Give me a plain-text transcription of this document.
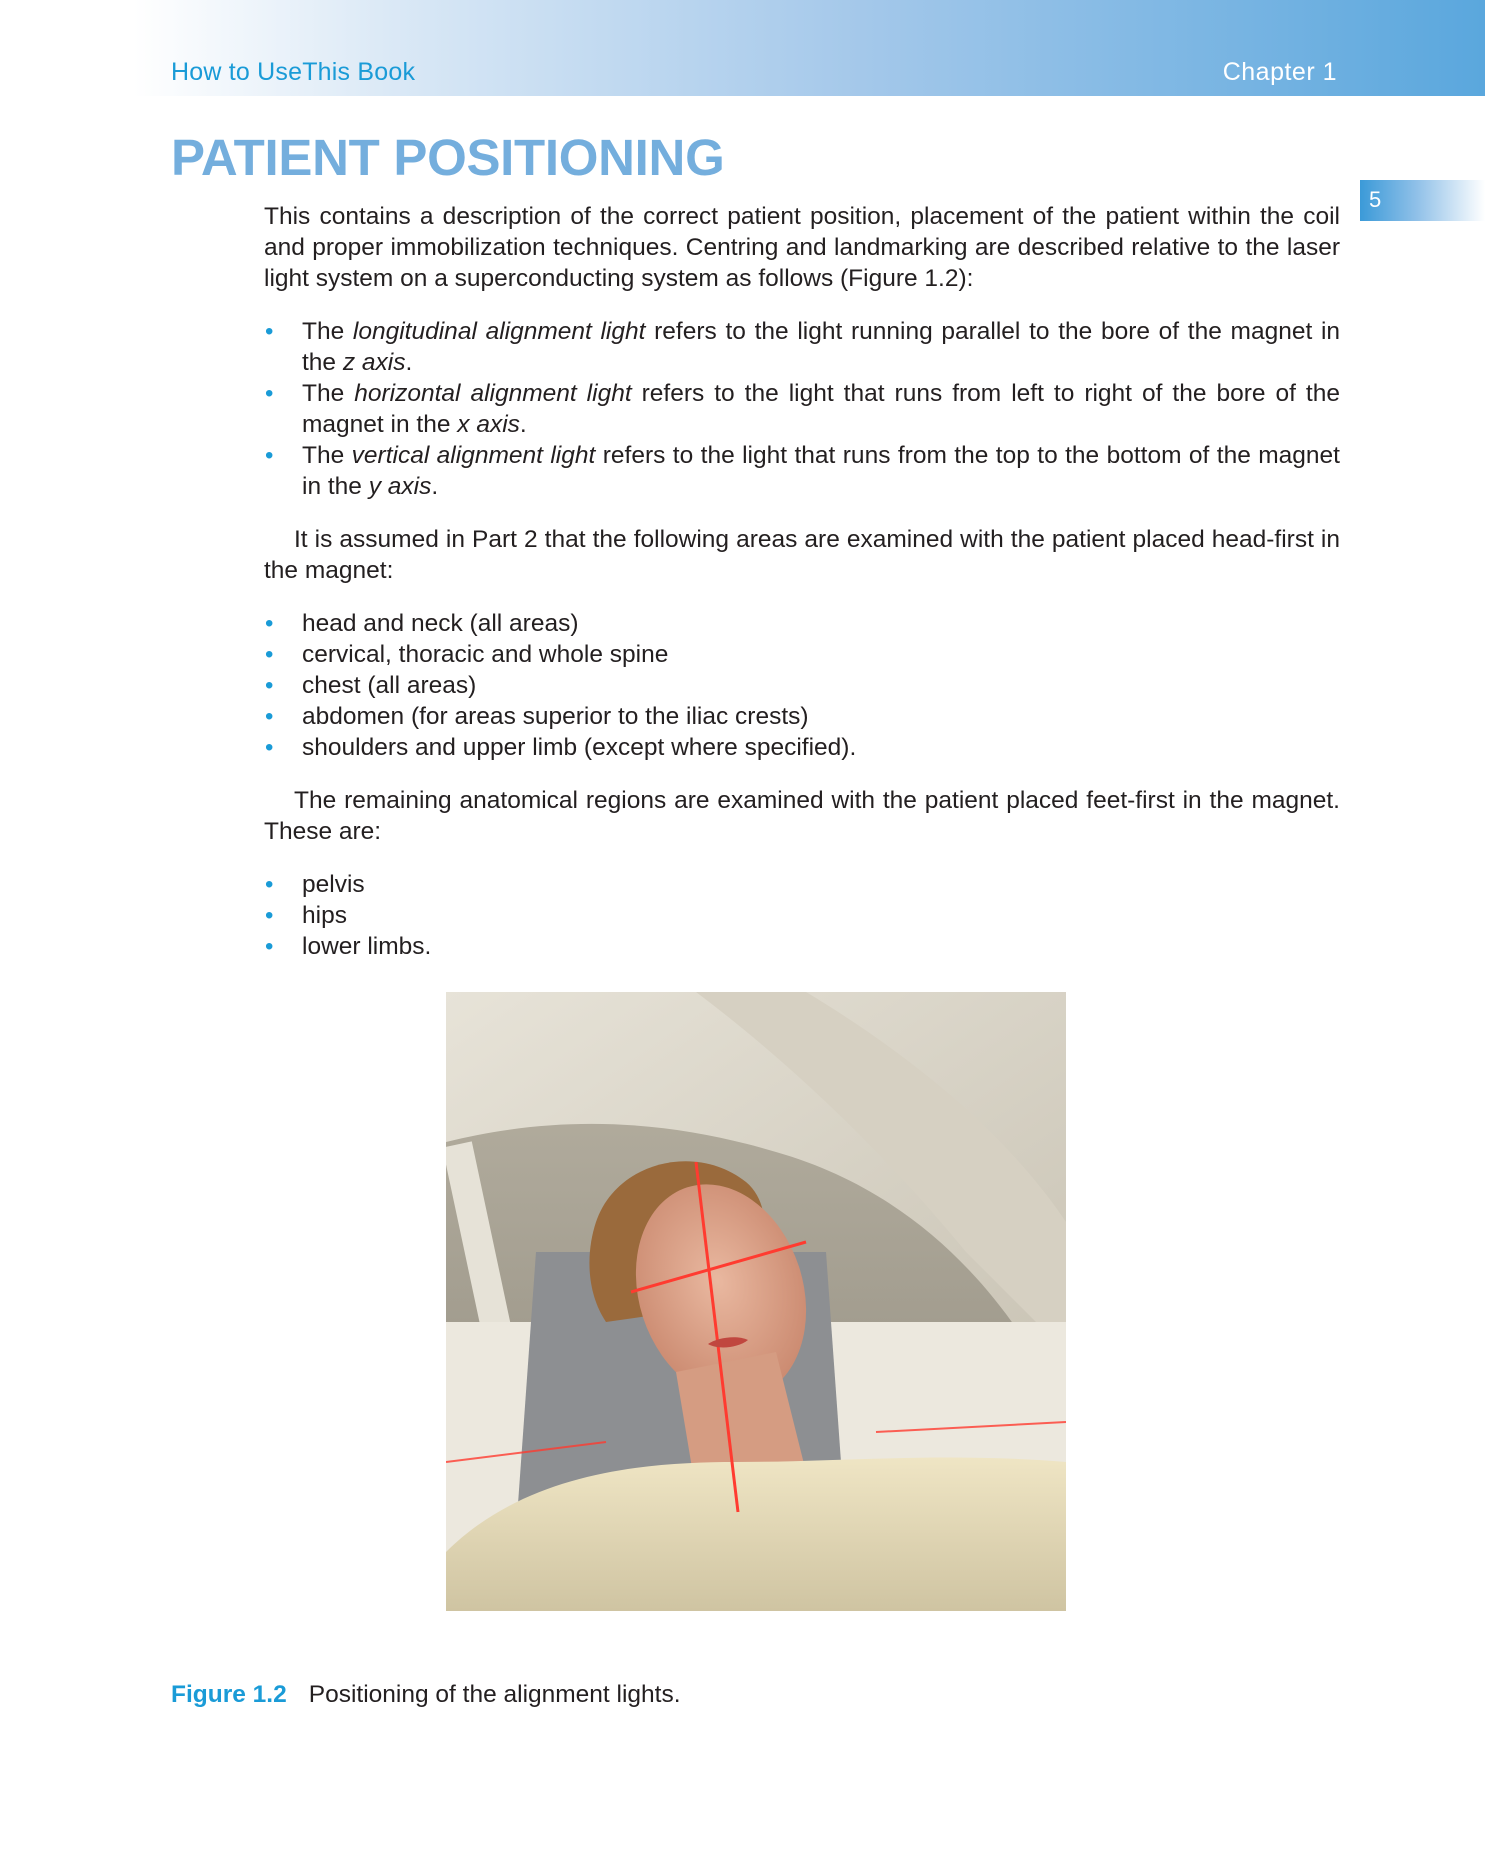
How to UseThis Book	Chapter 1
5
PATIENT POSITIONING

This contains a description of the correct patient position, placement of the patient within the coil and proper immobilization techniques. Centring and landmarking are described relative to the laser light system on a superconducting system as follows (Figure 1.2):

• The longitudinal alignment light refers to the light running parallel to the bore of the magnet in the z axis.
• The horizontal alignment light refers to the light that runs from left to right of the bore of the magnet in the x axis.
• The vertical alignment light refers to the light that runs from the top to the bottom of the magnet in the y axis.

It is assumed in Part 2 that the following areas are examined with the patient placed head-first in the magnet:

• head and neck (all areas)
• cervical, thoracic and whole spine
• chest (all areas)
• abdomen (for areas superior to the iliac crests)
• shoulders and upper limb (except where specified).

The remaining anatomical regions are examined with the patient placed feet-first in the magnet. These are:

• pelvis
• hips
• lower limbs.
Figure 1.2 Positioning of the alignment lights.
